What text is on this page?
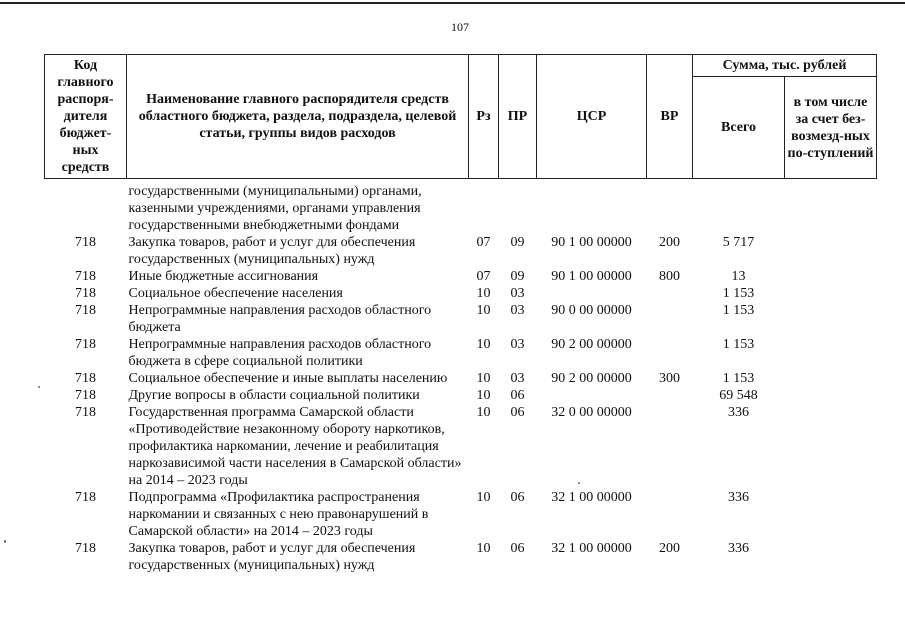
107
Код главного распоря-дителя бюджет-ных средств	Наименование главного распорядителя средств областного бюджета, раздела, подраздела, целевой статьи, группы видов расходов	Рз	ПР	ЦСР	ВР	Сумма, тыс. рублей	
						Всего	в том числе за счет без-возмезд-ных по-ступлений

	государственными (муниципальными) органами, казенными учреждениями, органами управления государственными внебюджетными фондами						
718	Закупка товаров, работ и услуг для обеспечения государственных (муниципальных) нужд	07	09	90 1 00 00000	200	5 717	
718	Иные бюджетные ассигнования	07	09	90 1 00 00000	800	13	
718	Социальное обеспечение населения	10	03			1 153	
718	Непрограммные направления расходов областного бюджета	10	03	90 0 00 00000		1 153	
718	Непрограммные направления расходов областного бюджета в сфере социальной политики	10	03	90 2 00 00000		1 153	
718	Социальное обеспечение и иные выплаты населению	10	03	90 2 00 00000	300	1 153	
718	Другие вопросы в области социальной политики	10	06			69 548	
718	Государственная программа Самарской области «Противодействие незаконному обороту наркотиков, профилактика наркомании, лечение и реабилитация наркозависимой части населения в Самарской области» на 2014 – 2023 годы	10	06	32 0 00 00000		336	
718	Подпрограмма «Профилактика распространения наркомании и связанных с нею правонарушений в Самарской области» на 2014 – 2023 годы	10	06	32 1 00 00000		336	
718	Закупка товаров, работ и услуг для обеспечения государственных (муниципальных) нужд	10	06	32 1 00 00000	200	336	
